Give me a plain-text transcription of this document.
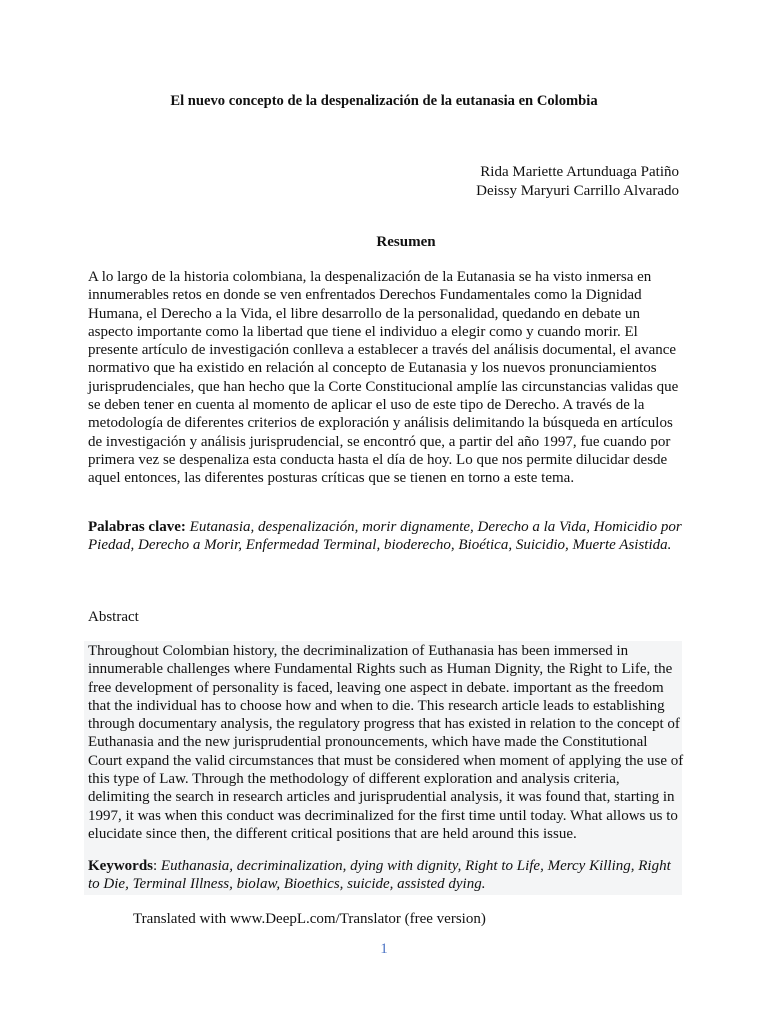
El nuevo concepto de la despenalización de la eutanasia en Colombia
Rida Mariette Artunduaga Patiño
Deissy Maryuri Carrillo Alvarado
Resumen
A lo largo de la historia colombiana, la despenalización de la Eutanasia se ha visto inmersa en innumerables retos en donde se ven enfrentados Derechos Fundamentales como la Dignidad Humana, el Derecho a la Vida, el libre desarrollo de la personalidad, quedando en debate un aspecto importante como la libertad que tiene el individuo a elegir como y cuando morir. El presente artículo de investigación conlleva a establecer a través del análisis documental, el avance normativo que ha existido en relación al concepto de Eutanasia y los nuevos pronunciamientos jurisprudenciales, que han hecho que la Corte Constitucional amplíe las circunstancias validas que se deben tener en cuenta al momento de aplicar el uso de este tipo de Derecho. A través de la metodología de diferentes criterios de exploración y análisis delimitando la búsqueda en artículos de investigación y análisis jurisprudencial, se encontró que, a partir del año 1997, fue cuando por primera vez se despenaliza esta conducta hasta el día de hoy. Lo que nos permite dilucidar desde aquel entonces, las diferentes posturas críticas que se tienen en torno a este tema.
Palabras clave: Eutanasia, despenalización, morir dignamente, Derecho a la Vida, Homicidio por Piedad, Derecho a Morir, Enfermedad Terminal, bioderecho, Bioética, Suicidio, Muerte Asistida.
Abstract
Throughout Colombian history, the decriminalization of Euthanasia has been immersed in innumerable challenges where Fundamental Rights such as Human Dignity, the Right to Life, the free development of personality is faced, leaving one aspect in debate. important as the freedom that the individual has to choose how and when to die. This research article leads to establishing through documentary analysis, the regulatory progress that has existed in relation to the concept of Euthanasia and the new jurisprudential pronouncements, which have made the Constitutional Court expand the valid circumstances that must be considered when moment of applying the use of this type of Law. Through the methodology of different exploration and analysis criteria, delimiting the search in research articles and jurisprudential analysis, it was found that, starting in 1997, it was when this conduct was decriminalized for the first time until today. What allows us to elucidate since then, the different critical positions that are held around this issue.
Keywords: Euthanasia, decriminalization, dying with dignity, Right to Life, Mercy Killing, Right to Die, Terminal Illness, biolaw, Bioethics, suicide, assisted dying.
Translated with www.DeepL.com/Translator (free version)
1
